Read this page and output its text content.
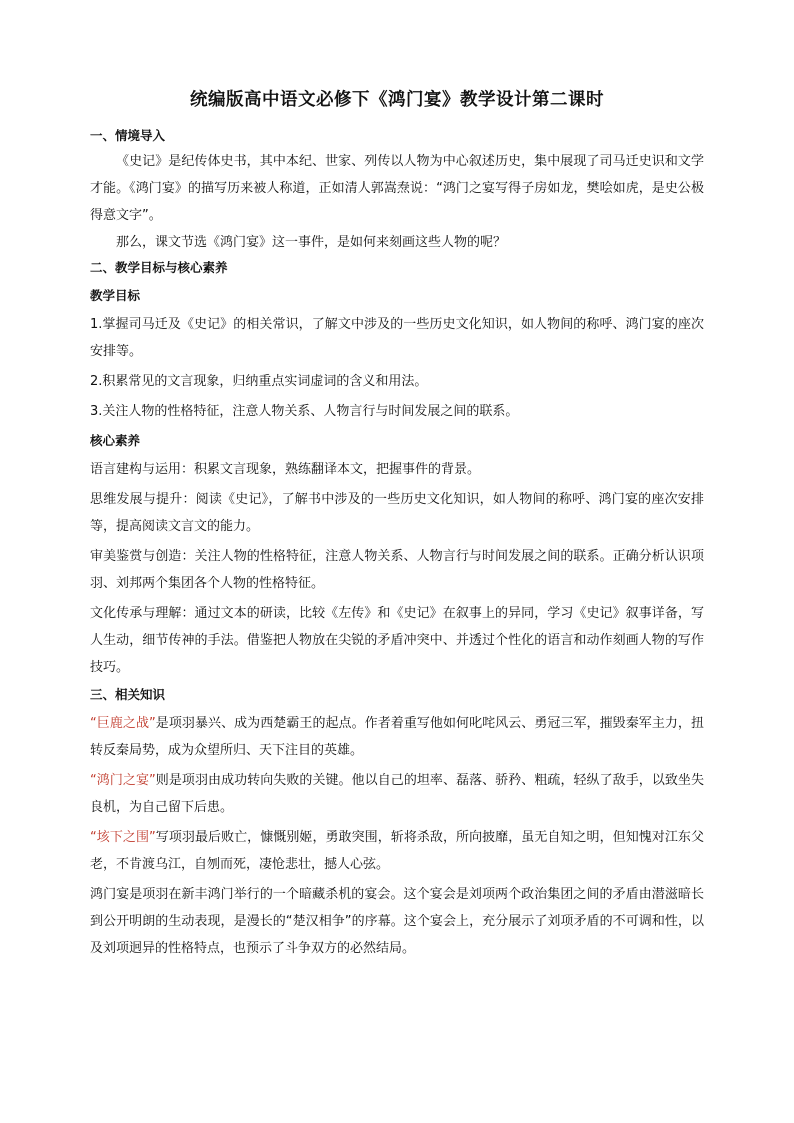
统编版高中语文必修下《鸿门宴》教学设计第二课时
一、情境导入

《史记》是纪传体史书，其中本纪、世家、列传以人物为中心叙述历史，集中展现了司马迁史识和文学才能。《鸿门宴》的描写历来被人称道，正如清人郭嵩焘说：“鸿门之宴写得子房如龙，樊哙如虎，是史公极得意文字”。

那么，课文节选《鸿门宴》这一事件，是如何来刻画这些人物的呢？

二、教学目标与核心素养
教学目标

1.掌握司马迁及《史记》的相关常识，了解文中涉及的一些历史文化知识，如人物间的称呼、鸿门宴的座次安排等。

2.积累常见的文言现象，归纳重点实词虚词的含义和用法。

3.关注人物的性格特征，注意人物关系、人物言行与时间发展之间的联系。

核心素养

语言建构与运用：积累文言现象，熟练翻译本文，把握事件的背景。

思维发展与提升：阅读《史记》，了解书中涉及的一些历史文化知识，如人物间的称呼、鸿门宴的座次安排等，提高阅读文言文的能力。

审美鉴赏与创造：关注人物的性格特征，注意人物关系、人物言行与时间发展之间的联系。正确分析认识项羽、刘邦两个集团各个人物的性格特征。

文化传承与理解：通过文本的研读，比较《左传》和《史记》在叙事上的异同，学习《史记》叙事详备，写人生动，细节传神的手法。借鉴把人物放在尖锐的矛盾冲突中、并透过个性化的语言和动作刻画人物的写作技巧。

三、相关知识

“巨鹿之战”是项羽暴兴、成为西楚霸王的起点。作者着重写他如何叱咤风云、勇冠三军，摧毁秦军主力，扭转反秦局势，成为众望所归、天下注目的英雄。

“鸿门之宴”则是项羽由成功转向失败的关键。他以自己的坦率、磊落、骄矜、粗疏，轻纵了敌手，以致坐失良机，为自己留下后患。

“垓下之围”写项羽最后败亡，慷慨别姬，勇敢突围，斩将杀敌，所向披靡，虽无自知之明，但知愧对江东父老，不肯渡乌江，自刎而死，凄怆悲壮，撼人心弦。

鸿门宴是项羽在新丰鸿门举行的一个暗藏杀机的宴会。这个宴会是刘项两个政治集团之间的矛盾由潜滋暗长到公开明朗的生动表现，是漫长的“楚汉相争”的序幕。这个宴会上，充分展示了刘项矛盾的不可调和性，以及刘项迥异的性格特点，也预示了斗争双方的必然结局。
